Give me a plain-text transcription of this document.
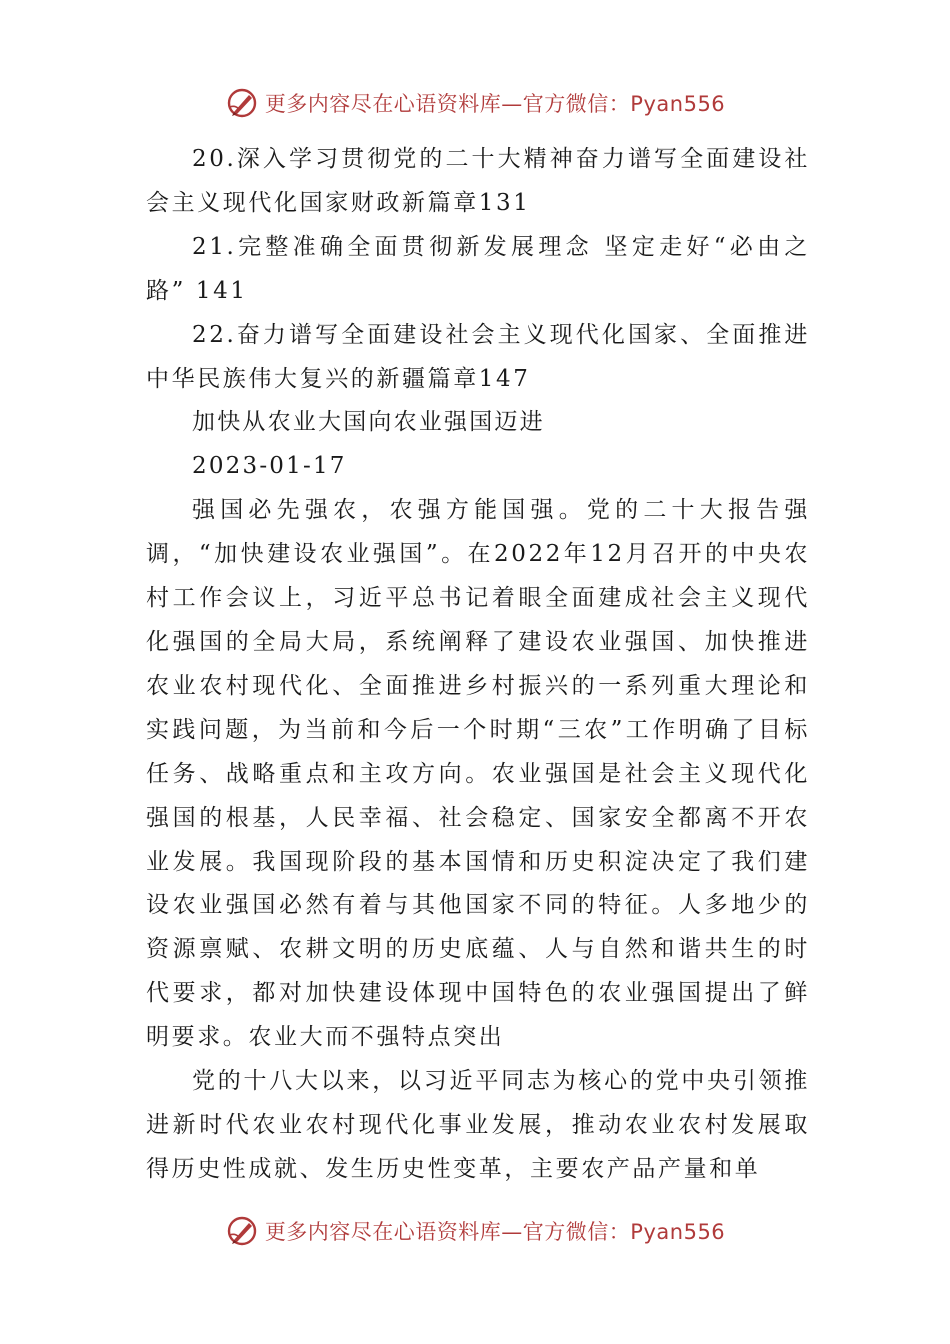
更多内容尽在心语资料库—官方微信：Pyan556

20.深入学习贯彻党的二十大精神奋力谱写全面建设社会主义现代化国家财政新篇章131

21.完整准确全面贯彻新发展理念 坚定走好“必由之路” 141

22.奋力谱写全面建设社会主义现代化国家、全面推进中华民族伟大复兴的新疆篇章147

加快从农业大国向农业强国迈进

2023-01-17

强国必先强农，农强方能国强。党的二十大报告强调，“加快建设农业强国”。在2022年12月召开的中央农村工作会议上，习近平总书记着眼全面建成社会主义现代化强国的全局大局，系统阐释了建设农业强国、加快推进农业农村现代化、全面推进乡村振兴的一系列重大理论和实践问题，为当前和今后一个时期“三农”工作明确了目标任务、战略重点和主攻方向。农业强国是社会主义现代化强国的根基，人民幸福、社会稳定、国家安全都离不开农业发展。我国现阶段的基本国情和历史积淀决定了我们建设农业强国必然有着与其他国家不同的特征。人多地少的资源禀赋、农耕文明的历史底蕴、人与自然和谐共生的时代要求，都对加快建设体现中国特色的农业强国提出了鲜明要求。农业大而不强特点突出

党的十八大以来，以习近平同志为核心的党中央引领推进新时代农业农村现代化事业发展，推动农业农村发展取得历史性成就、发生历史性变革，主要农产品产量和单

更多内容尽在心语资料库—官方微信：Pyan556
